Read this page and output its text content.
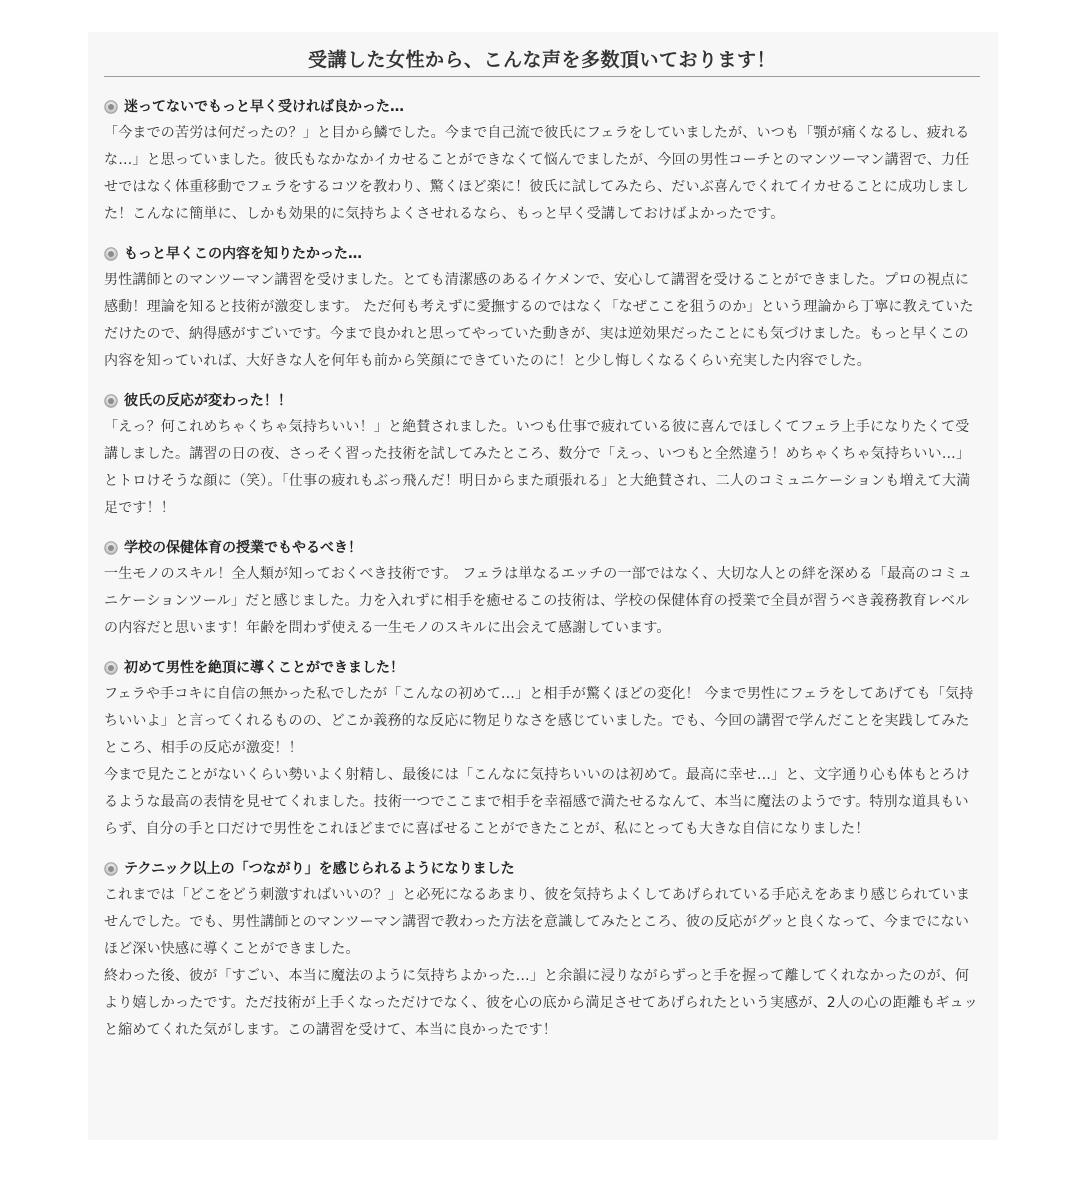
受講した女性から、こんな声を多数頂いております！
迷ってないでもっと早く受ければ良かった…

「今までの苦労は何だったの？」と目から鱗でした。今まで自己流で彼氏にフェラをしていましたが、いつも「顎が痛くなるし、疲れるな…」と思っていました。彼氏もなかなかイカせることができなくて悩んでましたが、今回の男性コーチとのマンツーマン講習で、力任せではなく体重移動でフェラをするコツを教わり、驚くほど楽に！彼氏に試してみたら、だいぶ喜んでくれてイカせることに成功しました！こんなに簡単に、しかも効果的に気持ちよくさせれるなら、もっと早く受講しておけばよかったです。

もっと早くこの内容を知りたかった…

男性講師とのマンツーマン講習を受けました。とても清潔感のあるイケメンで、安心して講習を受けることができました。プロの視点に感動！理論を知ると技術が激変します。 ただ何も考えずに愛撫するのではなく「なぜここを狙うのか」という理論から丁寧に教えていただけたので、納得感がすごいです。今まで良かれと思ってやっていた動きが、実は逆効果だったことにも気づけました。もっと早くこの内容を知っていれば、大好きな人を何年も前から笑顔にできていたのに！と少し悔しくなるくらい充実した内容でした。

彼氏の反応が変わった！！

「えっ？何これめちゃくちゃ気持ちいい！」と絶賛されました。いつも仕事で疲れている彼に喜んでほしくてフェラ上手になりたくて受講しました。講習の日の夜、さっそく習った技術を試してみたところ、数分で「えっ、いつもと全然違う！めちゃくちゃ気持ちいい…」とトロけそうな顔に（笑）。「仕事の疲れもぶっ飛んだ！明日からまた頑張れる」と大絶賛され、二人のコミュニケーションも増えて大満足です！！

学校の保健体育の授業でもやるべき！

一生モノのスキル！全人類が知っておくべき技術です。 フェラは単なるエッチの一部ではなく、大切な人との絆を深める「最高のコミュニケーションツール」だと感じました。力を入れずに相手を癒せるこの技術は、学校の保健体育の授業で全員が習うべき義務教育レベルの内容だと思います！年齢を問わず使える一生モノのスキルに出会えて感謝しています。

初めて男性を絶頂に導くことができました！

フェラや手コキに自信の無かった私でしたが「こんなの初めて…」と相手が驚くほどの変化！ 今まで男性にフェラをしてあげても「気持ちいいよ」と言ってくれるものの、どこか義務的な反応に物足りなさを感じていました。でも、今回の講習で学んだことを実践してみたところ、相手の反応が激変！！

今まで見たことがないくらい勢いよく射精し、最後には「こんなに気持ちいいのは初めて。最高に幸せ…」と、文字通り心も体もとろけるような最高の表情を見せてくれました。技術一つでここまで相手を幸福感で満たせるなんて、本当に魔法のようです。特別な道具もいらず、自分の手と口だけで男性をこれほどまでに喜ばせることができたことが、私にとっても大きな自信になりました！

テクニック以上の「つながり」を感じられるようになりました

これまでは「どこをどう刺激すればいいの？」と必死になるあまり、彼を気持ちよくしてあげられている手応えをあまり感じられていませんでした。でも、男性講師とのマンツーマン講習で教わった方法を意識してみたところ、彼の反応がグッと良くなって、今までにないほど深い快感に導くことができました。

終わった後、彼が「すごい、本当に魔法のように気持ちよかった…」と余韻に浸りながらずっと手を握って離してくれなかったのが、何より嬉しかったです。ただ技術が上手くなっただけでなく、彼を心の底から満足させてあげられたという実感が、2人の心の距離もギュッと縮めてくれた気がします。この講習を受けて、本当に良かったです！
